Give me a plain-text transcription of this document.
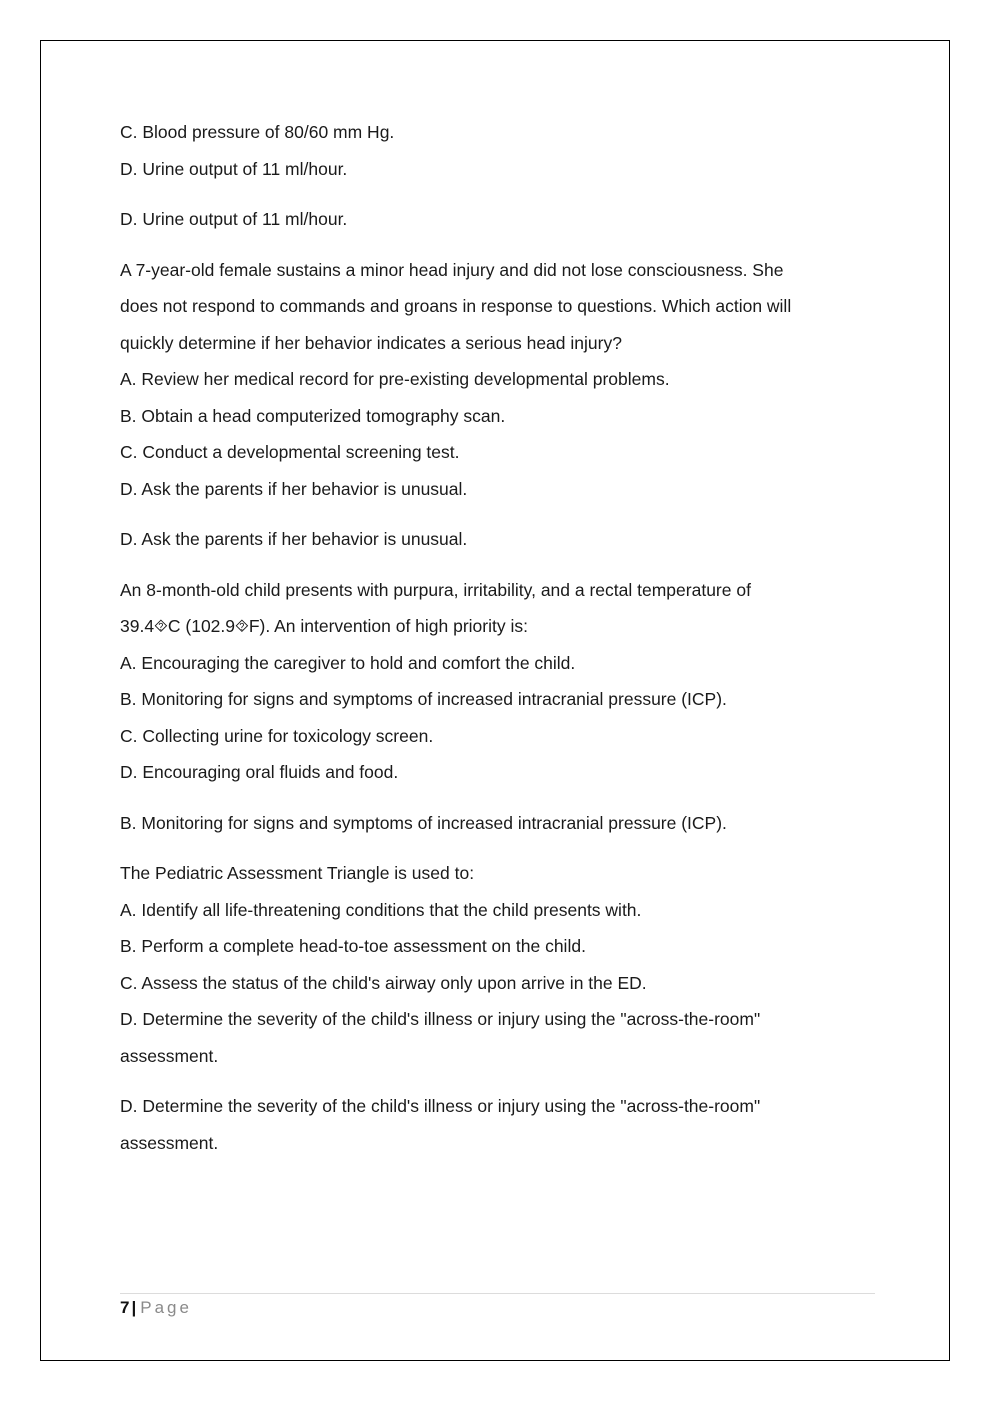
C. Blood pressure of 80/60 mm Hg.
D. Urine output of 11 ml/hour.
D. Urine output of 11 ml/hour.
A 7-year-old female sustains a minor head injury and did not lose consciousness. She
does not respond to commands and groans in response to questions. Which action will
quickly determine if her behavior indicates a serious head injury?
A. Review her medical record for pre-existing developmental problems.
B. Obtain a head computerized tomography scan.
C. Conduct a developmental screening test.
D. Ask the parents if her behavior is unusual.
D. Ask the parents if her behavior is unusual.
An 8-month-old child presents with purpura, irritability, and a rectal temperature of
39.4⯑C (102.9⯑F). An intervention of high priority is:
A. Encouraging the caregiver to hold and comfort the child.
B. Monitoring for signs and symptoms of increased intracranial pressure (ICP).
C. Collecting urine for toxicology screen.
D. Encouraging oral fluids and food.
B. Monitoring for signs and symptoms of increased intracranial pressure (ICP).
The Pediatric Assessment Triangle is used to:
A. Identify all life-threatening conditions that the child presents with.
B. Perform a complete head-to-toe assessment on the child.
C. Assess the status of the child's airway only upon arrive in the ED.
D. Determine the severity of the child's illness or injury using the "across-the-room"
assessment.
D. Determine the severity of the child's illness or injury using the "across-the-room"
assessment.
7 | Page
